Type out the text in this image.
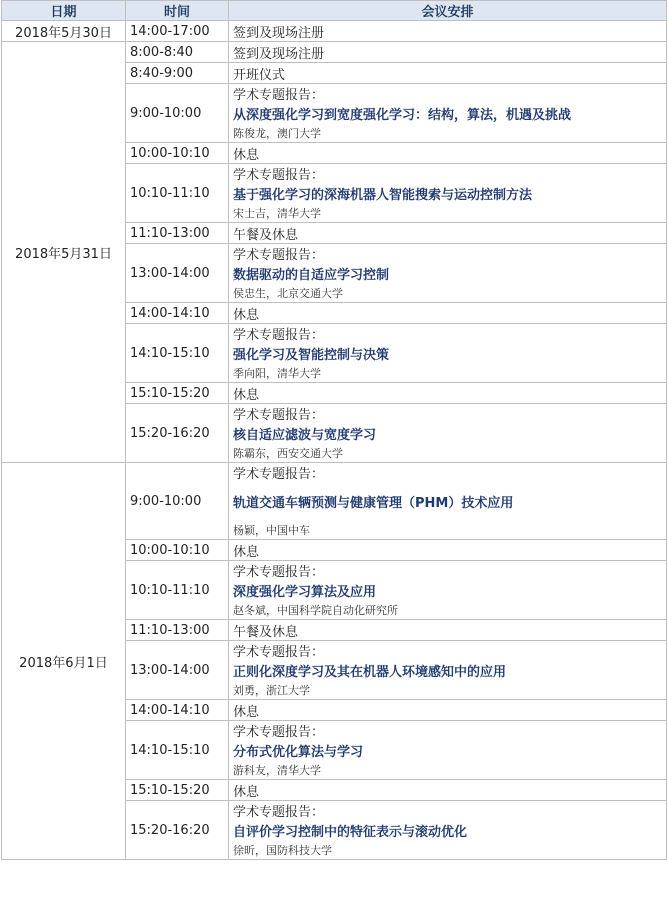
日期	时间	会议安排
2018年5月30日	14:00-17:00	签到及现场注册
2018年5月31日	8:00-8:40	签到及现场注册
	8:40-9:00	开班仪式
	9:00-10:00	学术专题报告：
从深度强化学习到宽度强化学习：结构，算法，机遇及挑战
陈俊龙，澳门大学

	10:00-10:10	休息
	10:10-11:10	学术专题报告：
基于强化学习的深海机器人智能搜索与运动控制方法
宋士吉，清华大学

	11:10-13:00	午餐及休息
	13:00-14:00	学术专题报告：
数据驱动的自适应学习控制
侯忠生，北京交通大学

	14:00-14:10	休息
	14:10-15:10	学术专题报告：
强化学习及智能控制与决策
季向阳，清华大学

	15:10-15:20	休息
	15:20-16:20	学术专题报告：
核自适应滤波与宽度学习
陈霸东，西安交通大学

2018年6月1日	9:00-10:00	学术专题报告：
轨道交通车辆预测与健康管理（PHM）技术应用
杨颖，中国中车

	10:00-10:10	休息
	10:10-11:10	学术专题报告：
深度强化学习算法及应用
赵冬斌，中国科学院自动化研究所

	11:10-13:00	午餐及休息
	13:00-14:00	学术专题报告：
正则化深度学习及其在机器人环境感知中的应用
刘勇，浙江大学

	14:00-14:10	休息
	14:10-15:10	学术专题报告：
分布式优化算法与学习
游科友，清华大学

	15:10-15:20	休息
	15:20-16:20	学术专题报告：
自评价学习控制中的特征表示与滚动优化
徐昕，国防科技大学
